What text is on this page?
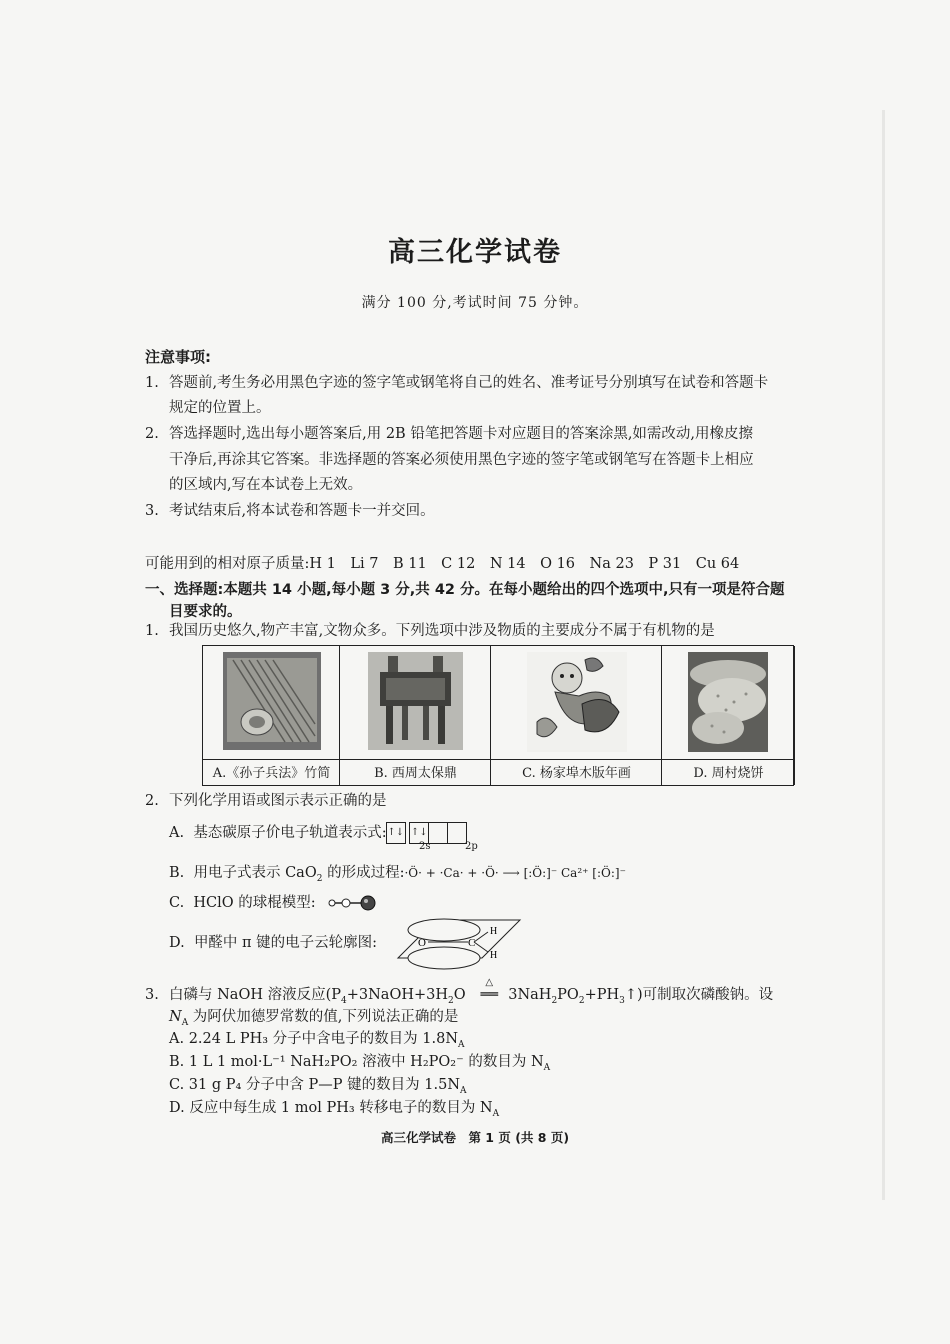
高三化学试卷
满分 100 分,考试时间 75 分钟。
注意事项:
1. 答题前,考生务必用黑色字迹的签字笔或钢笔将自己的姓名、准考证号分别填写在试卷和答题卡
规定的位置上。
2. 答选择题时,选出每小题答案后,用 2B 铅笔把答题卡对应题目的答案涂黑,如需改动,用橡皮擦
干净后,再涂其它答案。非选择题的答案必须使用黑色字迹的签字笔或钢笔写在答题卡上相应
的区域内,写在本试卷上无效。
3. 考试结束后,将本试卷和答题卡一并交回。
可能用到的相对原子质量:H 1　Li 7　B 11　C 12　N 14　O 16　Na 23　P 31　Cu 64
一、选择题:本题共 14 小题,每小题 3 分,共 42 分。在每小题给出的四个选项中,只有一项是符合题
目要求的。
1. 我国历史悠久,物产丰富,文物众多。下列选项中涉及物质的主要成分不属于有机物的是
A.《孙子兵法》竹简	B. 西周太保鼎	C. 杨家埠木版年画	D. 周村烧饼
2. 下列化学用语或图示表示正确的是
A. 基态碳原子价电子轨道表示式:↑↓ ↑↓
2s	2p
B. 用电子式表示 CaO$_2$ 的形成过程:·Ö· + ·Ca· + ·Ö· ⟶ [:Ö:]⁻ Ca²⁺ [:Ö:]⁻
C. HClO 的球棍模型:
D. 甲醛中 π 键的电子云轮廓图:	O	C
H
H
3. 白磷与 NaOH 溶液反应($P_4+3NaOH+3H_2O$
△
══ $3NaH_2PO_2+PH_3↑$)可制取次磷酸钠。设
$N_A$ 为阿伏加德罗常数的值,下列说法正确的是
A. 2.24 L PH₃ 分子中含电子的数目为 $1.8N_A$
B. 1 L 1 mol·L⁻¹ NaH₂PO₂ 溶液中 H₂PO₂⁻ 的数目为 $N_A$
C. 31 g P₄ 分子中含 P—P 键的数目为 $1.5N_A$
D. 反应中每生成 1 mol PH₃ 转移电子的数目为 $N_A$
高三化学试卷　第 1 页 (共 8 页)
